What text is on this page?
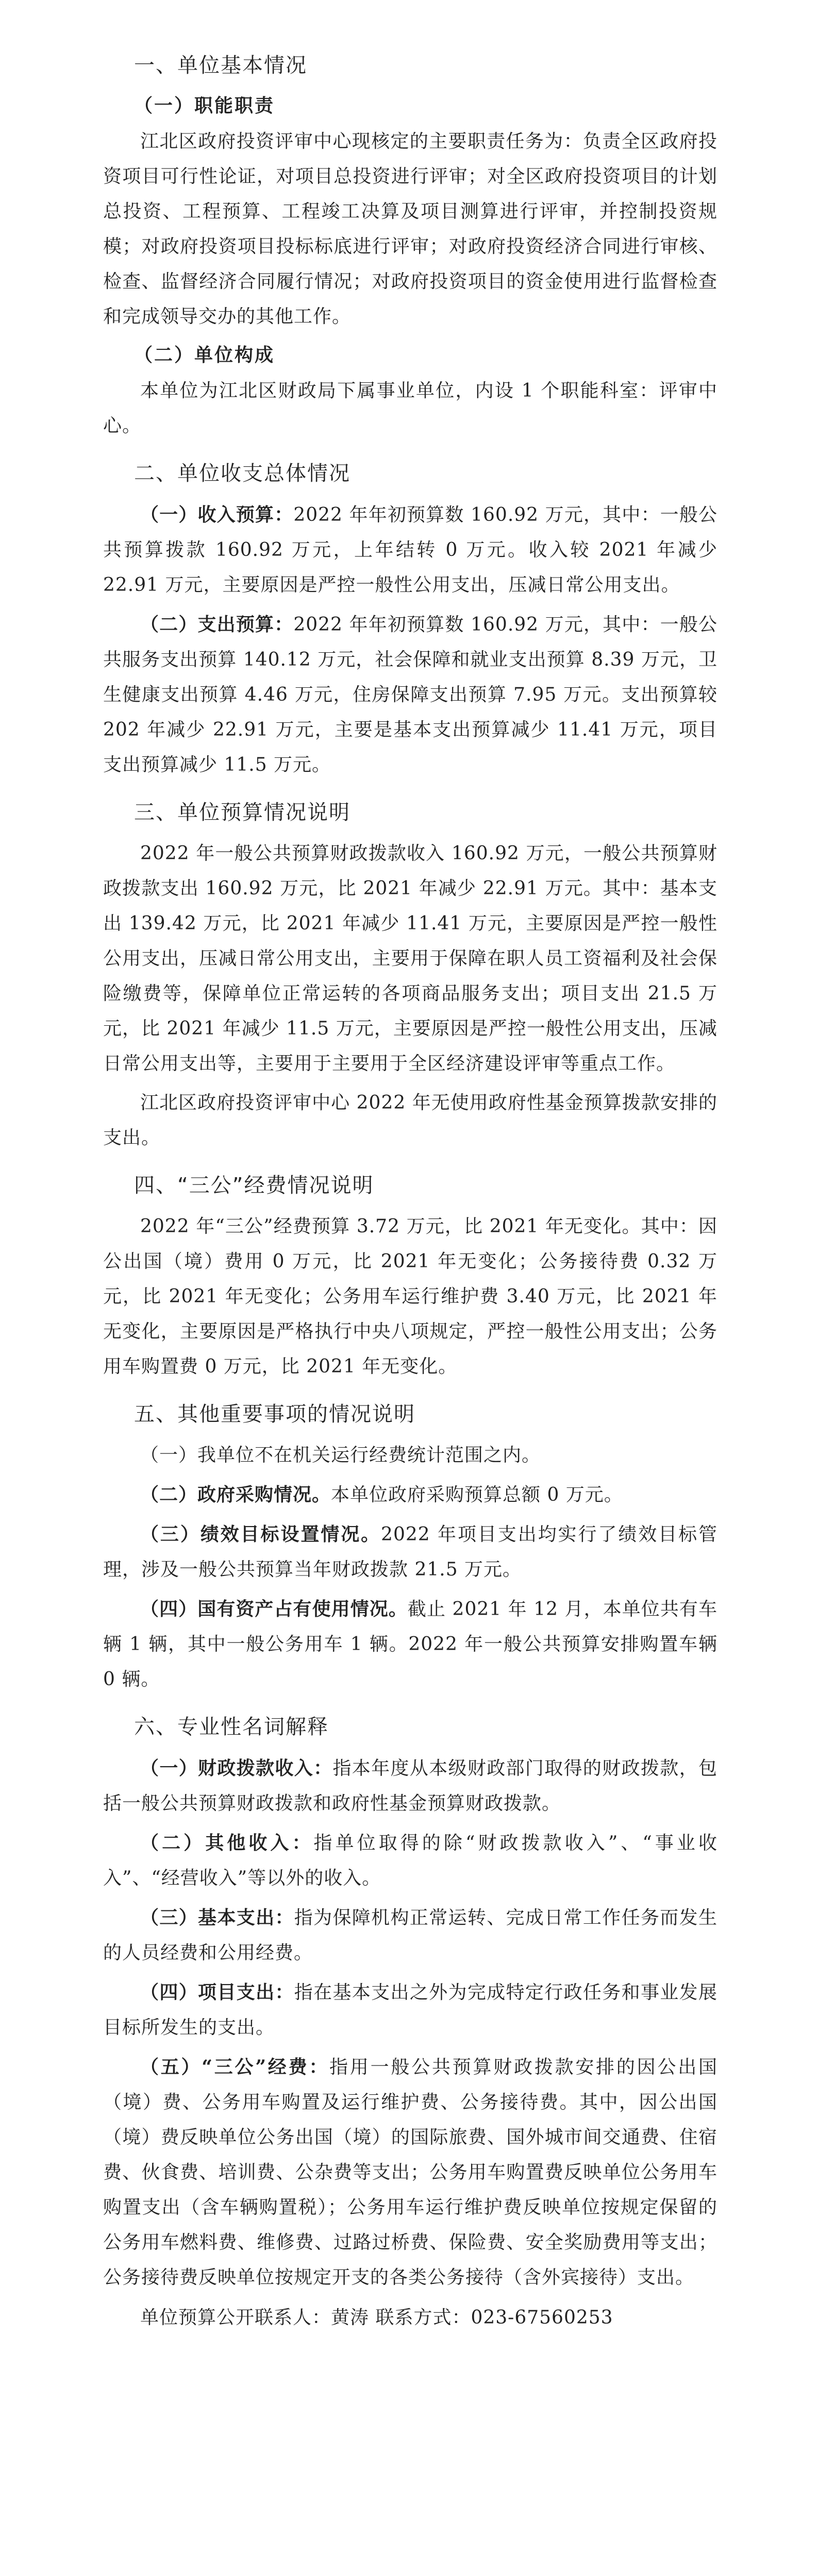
一、单位基本情况
（一）职能职责

江北区政府投资评审中心现核定的主要职责任务为：负责全区政府投资项目可行性论证，对项目总投资进行评审；对全区政府投资项目的计划总投资、工程预算、工程竣工决算及项目测算进行评审，并控制投资规模；对政府投资项目投标标底进行评审；对政府投资经济合同进行审核、检查、监督经济合同履行情况；对政府投资项目的资金使用进行监督检查和完成领导交办的其他工作。

（二）单位构成

本单位为江北区财政局下属事业单位，内设 1 个职能科室：评审中心。

二、单位收支总体情况

（一）收入预算：2022 年年初预算数 160.92 万元，其中：一般公共预算拨款 160.92 万元，上年结转 0 万元。收入较 2021 年减少 22.91 万元，主要原因是严控一般性公用支出，压减日常公用支出。

（二）支出预算：2022 年年初预算数 160.92 万元，其中：一般公共服务支出预算 140.12 万元，社会保障和就业支出预算 8.39 万元，卫生健康支出预算 4.46 万元，住房保障支出预算 7.95 万元。支出预算较 202 年减少 22.91 万元，主要是基本支出预算减少 11.41 万元，项目支出预算减少 11.5 万元。

三、单位预算情况说明

2022 年一般公共预算财政拨款收入 160.92 万元，一般公共预算财政拨款支出 160.92 万元，比 2021 年减少 22.91 万元。其中：基本支出 139.42 万元，比 2021 年减少 11.41 万元，主要原因是严控一般性公用支出，压减日常公用支出，主要用于保障在职人员工资福利及社会保险缴费等，保障单位正常运转的各项商品服务支出；项目支出 21.5 万元，比 2021 年减少 11.5 万元，主要原因是严控一般性公用支出，压减日常公用支出等，主要用于主要用于全区经济建设评审等重点工作。

江北区政府投资评审中心 2022 年无使用政府性基金预算拨款安排的支出。

四、“三公”经费情况说明

2022 年“三公”经费预算 3.72 万元，比 2021 年无变化。其中：因公出国（境）费用 0 万元，比 2021 年无变化；公务接待费 0.32 万元，比 2021 年无变化；公务用车运行维护费 3.40 万元，比 2021 年无变化，主要原因是严格执行中央八项规定，严控一般性公用支出；公务用车购置费 0 万元，比 2021 年无变化。

五、其他重要事项的情况说明

（一）我单位不在机关运行经费统计范围之内。

（二）政府采购情况。本单位政府采购预算总额 0 万元。

（三）绩效目标设置情况。2022 年项目支出均实行了绩效目标管理，涉及一般公共预算当年财政拨款 21.5 万元。

（四）国有资产占有使用情况。截止 2021 年 12 月，本单位共有车辆 1 辆，其中一般公务用车 1 辆。2022 年一般公共预算安排购置车辆 0 辆。

六、专业性名词解释

（一）财政拨款收入：指本年度从本级财政部门取得的财政拨款，包括一般公共预算财政拨款和政府性基金预算财政拨款。

（二）其他收入：指单位取得的除“财政拨款收入”、“事业收入”、“经营收入”等以外的收入。

（三）基本支出：指为保障机构正常运转、完成日常工作任务而发生的人员经费和公用经费。

（四）项目支出：指在基本支出之外为完成特定行政任务和事业发展目标所发生的支出。

（五）“三公”经费：指用一般公共预算财政拨款安排的因公出国（境）费、公务用车购置及运行维护费、公务接待费。其中，因公出国（境）费反映单位公务出国（境）的国际旅费、国外城市间交通费、住宿费、伙食费、培训费、公杂费等支出；公务用车购置费反映单位公务用车购置支出（含车辆购置税）；公务用车运行维护费反映单位按规定保留的公务用车燃料费、维修费、过路过桥费、保险费、安全奖励费用等支出；公务接待费反映单位按规定开支的各类公务接待（含外宾接待）支出。

单位预算公开联系人：黄涛 联系方式：023-67560253
